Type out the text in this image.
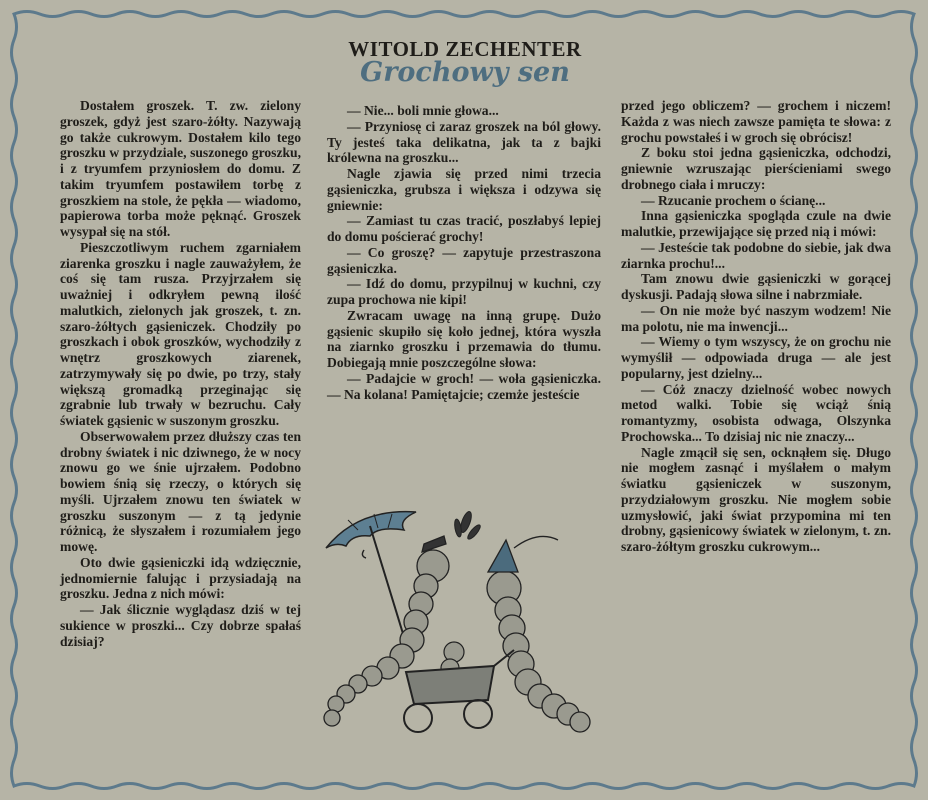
WITOLD ZECHENTER
Grochowy sen

Dostałem groszek. T. zw. zielony groszek, gdyż jest szaro-żółty. Nazywają go także cukrowym. Dostałem kilo tego groszku w przydziale, suszonego groszku, i z tryumfem przyniosłem do domu. Z takim tryumfem postawiłem torbę z groszkiem na stole, że pękła — wiadomo, papierowa torba może pęknąć. Groszek wysypał się na stół.

Pieszczotliwym ruchem zgarniałem ziarenka groszku i nagle zauważyłem, że coś się tam rusza. Przyjrzałem się uważniej i odkryłem pewną ilość malutkich, zielonych jak groszek, t. zn. szaro-żółtych gąsieniczek. Chodziły po groszkach i obok groszków, wychodziły z wnętrz groszkowych ziarenek, zatrzymywały się po dwie, po trzy, stały większą gromadką przeginając się zgrabnie lub trwały w bezruchu. Cały światek gąsienic w suszonym groszku.

Obserwowałem przez dłuższy czas ten drobny światek i nic dziwnego, że w nocy znowu go we śnie ujrzałem. Podobno bowiem śnią się rzeczy, o których się myśli. Ujrzałem znowu ten światek w groszku suszonym — z tą jedynie różnicą, że słyszałem i rozumiałem jego mowę.

Oto dwie gąsieniczki idą wdzięcznie, jednomiernie falując i przysiadają na groszku. Jedna z nich mówi:

— Jak ślicznie wyglądasz dziś w tej sukience w proszki... Czy dobrze spałaś dzisiaj?

— Nie... boli mnie głowa...

— Przyniosę ci zaraz groszek na ból głowy. Ty jesteś taka delikatna, jak ta z bajki królewna na groszku...

Nagle zjawia się przed nimi trzecia gąsieniczka, grubsza i większa i odzywa się gniewnie:

— Zamiast tu czas tracić, poszłabyś lepiej do domu pościerać grochy!

— Co groszę? — zapytuje przestraszona gąsieniczka.

— Idź do domu, przypilnuj w kuchni, czy zupa prochowa nie kipi!

Zwracam uwagę na inną grupę. Dużo gąsienic skupiło się koło jednej, która wyszła na ziarnko groszku i przemawia do tłumu. Dobiegają mnie poszczególne słowa:

— Padajcie w groch! — woła gąsieniczka. — Na kolana! Pamiętajcie; czemże jesteście

przed jego obliczem? — grochem i niczem! Każda z was niech zawsze pamięta te słowa: z grochu powstałeś i w groch się obrócisz!

Z boku stoi jedna gąsieniczka, odchodzi, gniewnie wzruszając pierścieniami swego drobnego ciała i mruczy:

— Rzucanie prochem o ścianę...

Inna gąsieniczka spogląda czule na dwie malutkie, przewijające się przed nią i mówi:

— Jesteście tak podobne do siebie, jak dwa ziarnka prochu!...

Tam znowu dwie gąsieniczki w gorącej dyskusji. Padają słowa silne i nabrzmiałe.

— On nie może być naszym wodzem! Nie ma polotu, nie ma inwencji...

— Wiemy o tym wszyscy, że on grochu nie wymyślił — odpowiada druga — ale jest popularny, jest dzielny...

— Cóż znaczy dzielność wobec nowych metod walki. Tobie się wciąż śnią romantyzmy, osobista odwaga, Olszynka Prochowska... To dzisiaj nic nie znaczy...

Nagle zmącił się sen, ocknąłem się. Długo nie mogłem zasnąć i myślałem o małym światku gąsieniczek w suszonym, przydziałowym groszku. Nie mogłem sobie uzmysłowić, jaki świat przypomina mi ten drobny, gąsienicowy światek w zielonym, t. zn. szaro-żółtym groszku cukrowym...
